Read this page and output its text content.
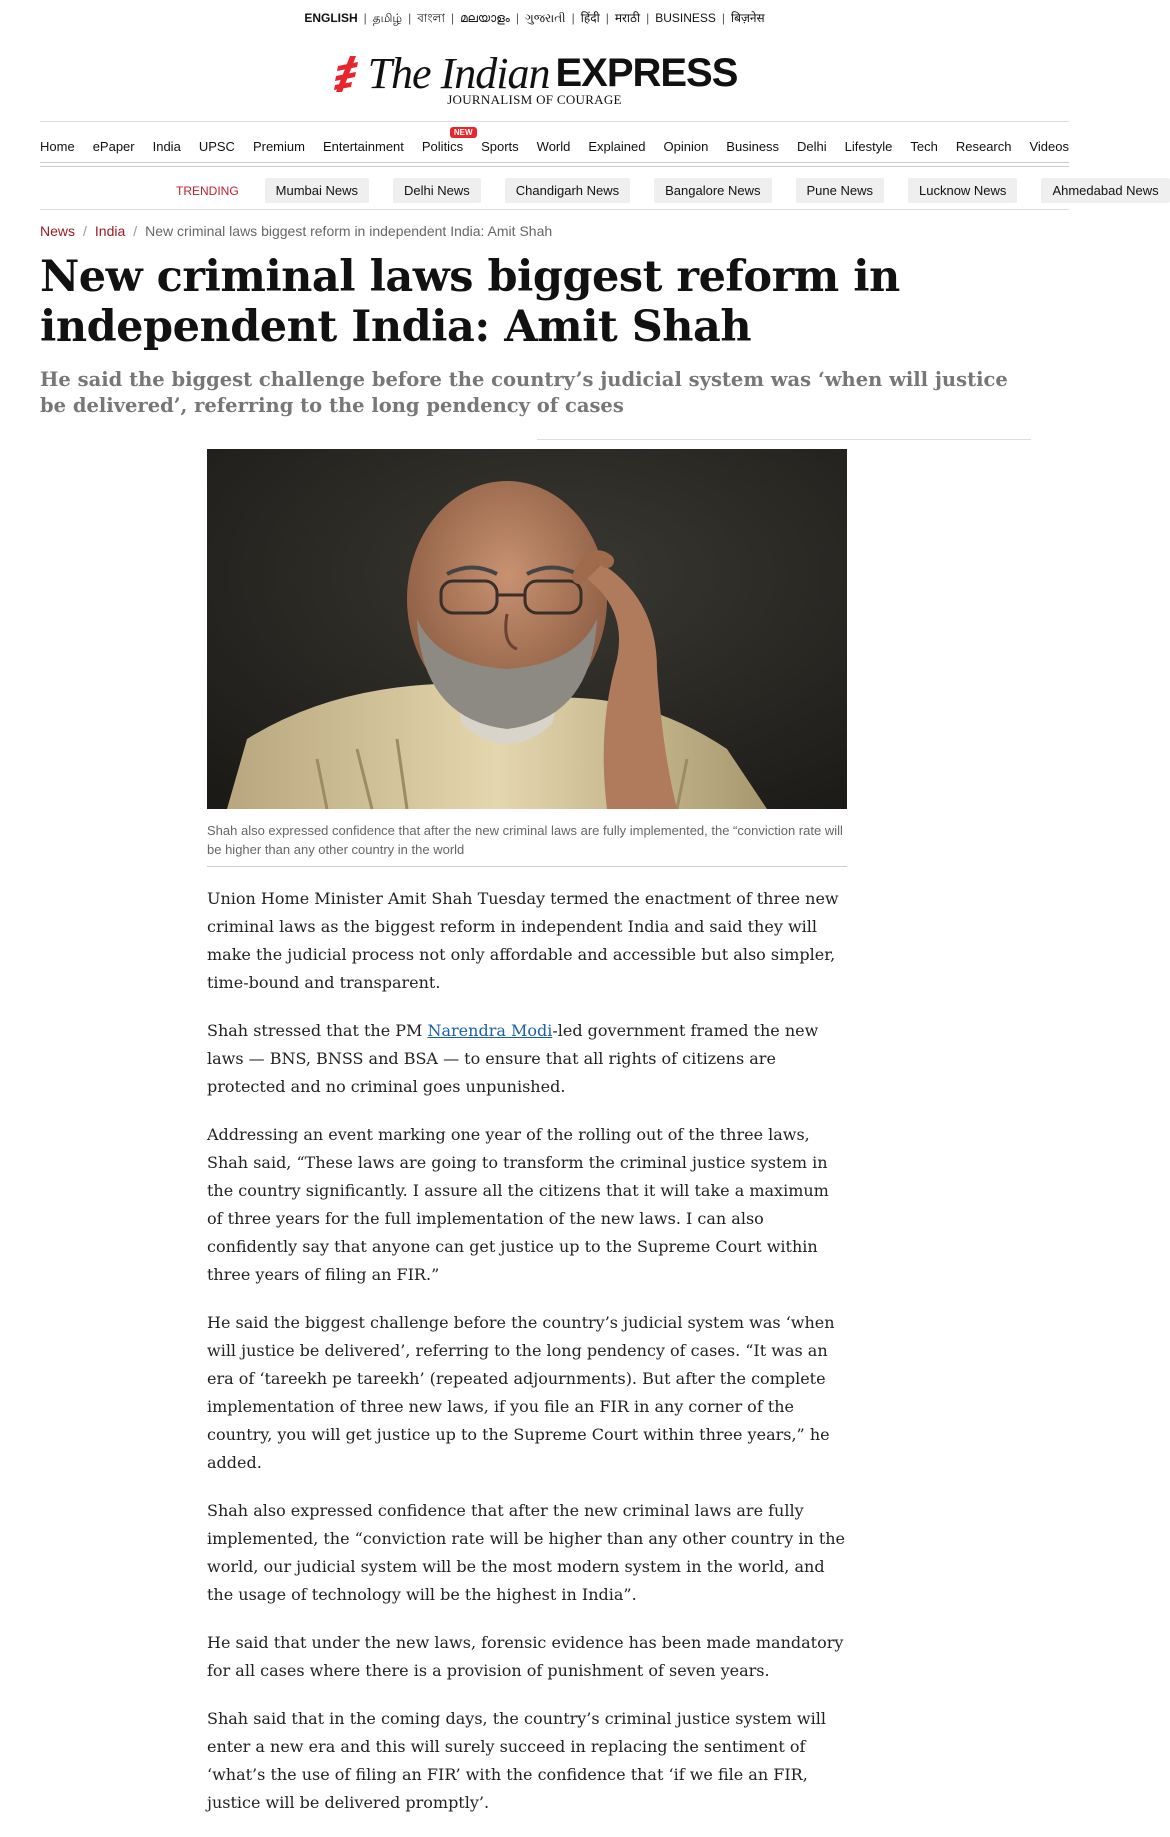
ENGLISH | தமிழ் | বাংলা | മലയാളം | ગુજરાતી | हिंदी | मराठी | BUSINESS | बिज़नेस
The Indian EXPRESS
JOURNALISM OF COURAGE
Home ePaper India UPSC Premium Entertainment Politics
NEW
Sports World Explained Opinion Business Delhi Lifestyle Tech Research Videos
TRENDING	Mumbai News	Delhi News	Chandigarh News	Bangalore News	Pune News	Lucknow News	Ahmedabad News
News / India / New criminal laws biggest reform in independent India: Amit Shah
New criminal laws biggest reform in independent India: Amit Shah
He said the biggest challenge before the country’s judicial system was ‘when will justice be delivered’, referring to the long pendency of cases

Shah also expressed confidence that after the new criminal laws are fully implemented, the “conviction rate will be higher than any other country in the world

Union Home Minister Amit Shah Tuesday termed the enactment of three new criminal laws as the biggest reform in independent India and said they will make the judicial process not only affordable and accessible but also simpler, time-bound and transparent.

Shah stressed that the PM Narendra Modi-led government framed the new laws — BNS, BNSS and BSA — to ensure that all rights of citizens are protected and no criminal goes unpunished.

Addressing an event marking one year of the rolling out of the three laws, Shah said, “These laws are going to transform the criminal justice system in the country significantly. I assure all the citizens that it will take a maximum of three years for the full implementation of the new laws. I can also confidently say that anyone can get justice up to the Supreme Court within three years of filing an FIR.”

He said the biggest challenge before the country’s judicial system was ‘when will justice be delivered’, referring to the long pendency of cases. “It was an era of ‘tareekh pe tareekh’ (repeated adjournments). But after the complete implementation of three new laws, if you file an FIR in any corner of the country, you will get justice up to the Supreme Court within three years,” he added.

Shah also expressed confidence that after the new criminal laws are fully implemented, the “conviction rate will be higher than any other country in the world, our judicial system will be the most modern system in the world, and the usage of technology will be the highest in India”.

He said that under the new laws, forensic evidence has been made mandatory for all cases where there is a provision of punishment of seven years.

Shah said that in the coming days, the country’s criminal justice system will enter a new era and this will surely succeed in replacing the sentiment of ‘what’s the use of filing an FIR’ with the confidence that ‘if we file an FIR, justice will be delivered promptly’.
